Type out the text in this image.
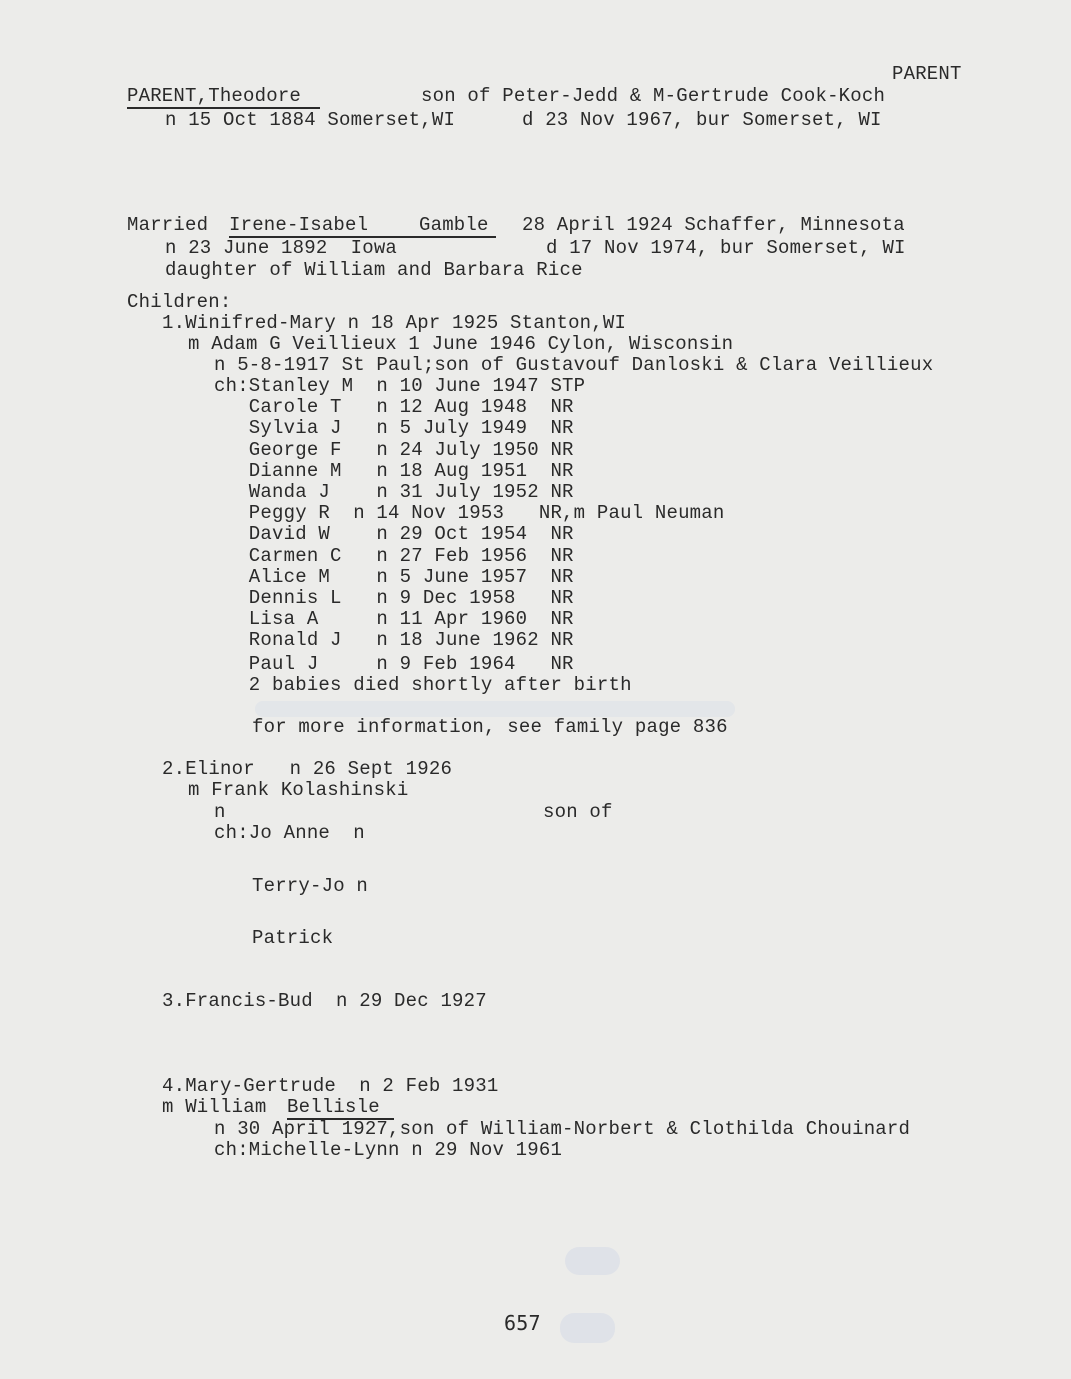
PARENT
PARENT,Theodore	son of Peter-Jedd & M-Gertrude Cook-Koch
n 15 Oct 1884 Somerset,WI	d 23 Nov 1967, bur Somerset, WI
Married Irene-Isabel	Gamble 28 April 1924 Schaffer, Minnesota
n 23 June 1892  Iowa	d 17 Nov 1974, bur Somerset, WI
daughter of William and Barbara Rice
Children:
1.Winifred-Mary n 18 Apr 1925 Stanton,WI
m Adam G Veillieux 1 June 1946 Cylon, Wisconsin
n 5-8-1917 St Paul;son of Gustavouf Danloski & Clara Veillieux
ch:Stanley M  n 10 June 1947 STP
Carole T   n 12 Aug 1948  NR
Sylvia J   n 5 July 1949  NR
George F   n 24 July 1950 NR
Dianne M   n 18 Aug 1951  NR
Wanda J    n 31 July 1952 NR
Peggy R  n 14 Nov 1953   NR,m Paul Neuman
David W    n 29 Oct 1954  NR
Carmen C   n 27 Feb 1956  NR
Alice M    n 5 June 1957  NR
Dennis L   n 9 Dec 1958   NR
Lisa A     n 11 Apr 1960  NR
Ronald J   n 18 June 1962 NR
Paul J     n 9 Feb 1964   NR
2 babies died shortly after birth
for more information, see family page 836
2.Elinor   n 26 Sept 1926
m Frank Kolashinski
n	son of
ch:Jo Anne  n
Terry-Jo n
Patrick
3.Francis-Bud  n 29 Dec 1927
4.Mary-Gertrude  n 2 Feb 1931
m William Bellisle
n 30 April 1927,son of William-Norbert & Clothilda Chouinard
ch:Michelle-Lynn n 29 Nov 1961
657
